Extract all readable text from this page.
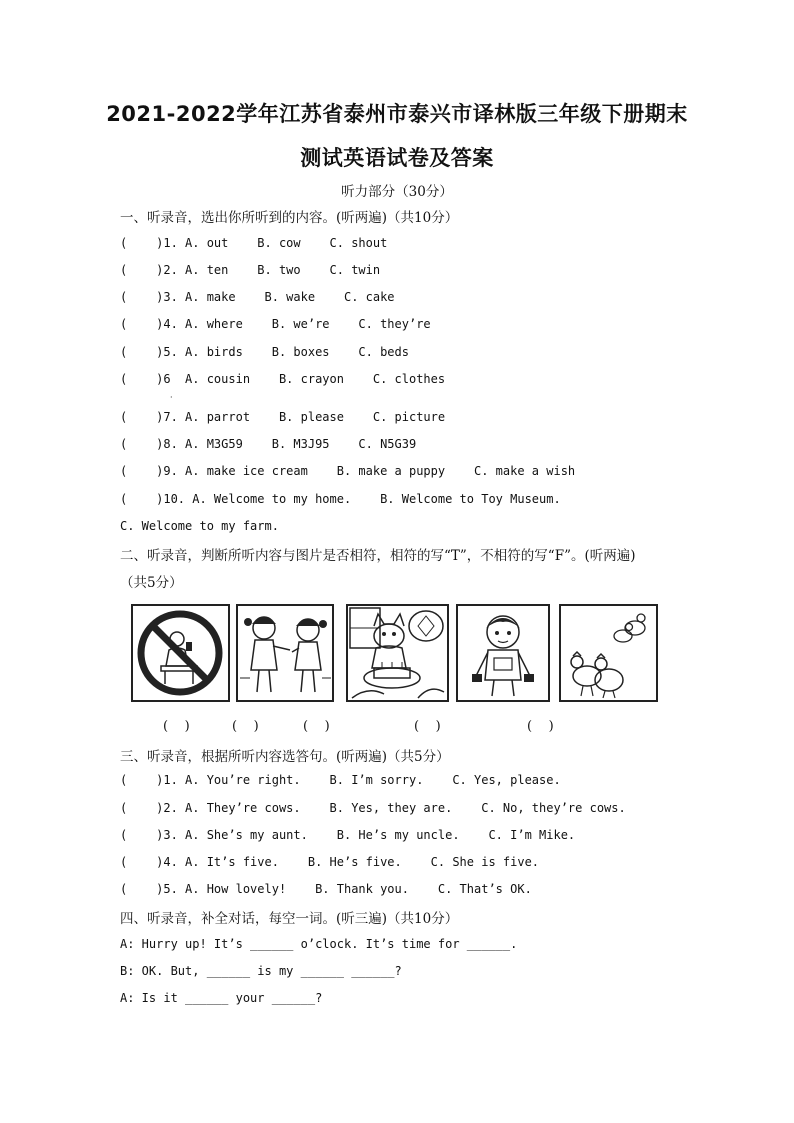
2021-2022学年江苏省泰州市泰兴市译林版三年级下册期末
测试英语试卷及答案
听力部分（30分）
一、听录音，选出你所听到的内容。(听两遍)（共10分）
(    )1. A. out    B. cow    C. shout
(    )2. A. ten    B. two    C. twin
(    )3. A. make    B. wake    C. cake
(    )4. A. where    B. we’re    C. they’re
(    )5. A. birds    B. boxes    C. beds
(    )6  A. cousin    B. crayon    C. clothes
·
(    )7. A. parrot    B. please    C. picture
(    )8. A. M3G59    B. M3J95    C. N5G39
(    )9. A. make ice cream    B. make a puppy    C. make a wish
(    )10. A. Welcome to my home.    B. Welcome to Toy Museum.
C. Welcome to my farm.
二、听录音，判断所听内容与图片是否相符，相符的写“T”，不相符的写“F”。(听两遍)
（共5分）
(    )	(    )	(    )	(    )	(    )
三、听录音，根据所听内容选答句。(听两遍)（共5分）
(    )1. A. You’re right.    B. I’m sorry.    C. Yes, please.
(    )2. A. They’re cows.    B. Yes, they are.    C. No, they’re cows.
(    )3. A. She’s my aunt.    B. He’s my uncle.    C. I’m Mike.
(    )4. A. It’s five.    B. He’s five.    C. She is five.
(    )5. A. How lovely!    B. Thank you.    C. That’s OK.
四、听录音，补全对话，每空一词。(听三遍)（共10分）
A: Hurry up! It’s ______ o’clock. It’s time for ______.
B: OK. But, ______ is my ______ ______?
A: Is it ______ your ______?
